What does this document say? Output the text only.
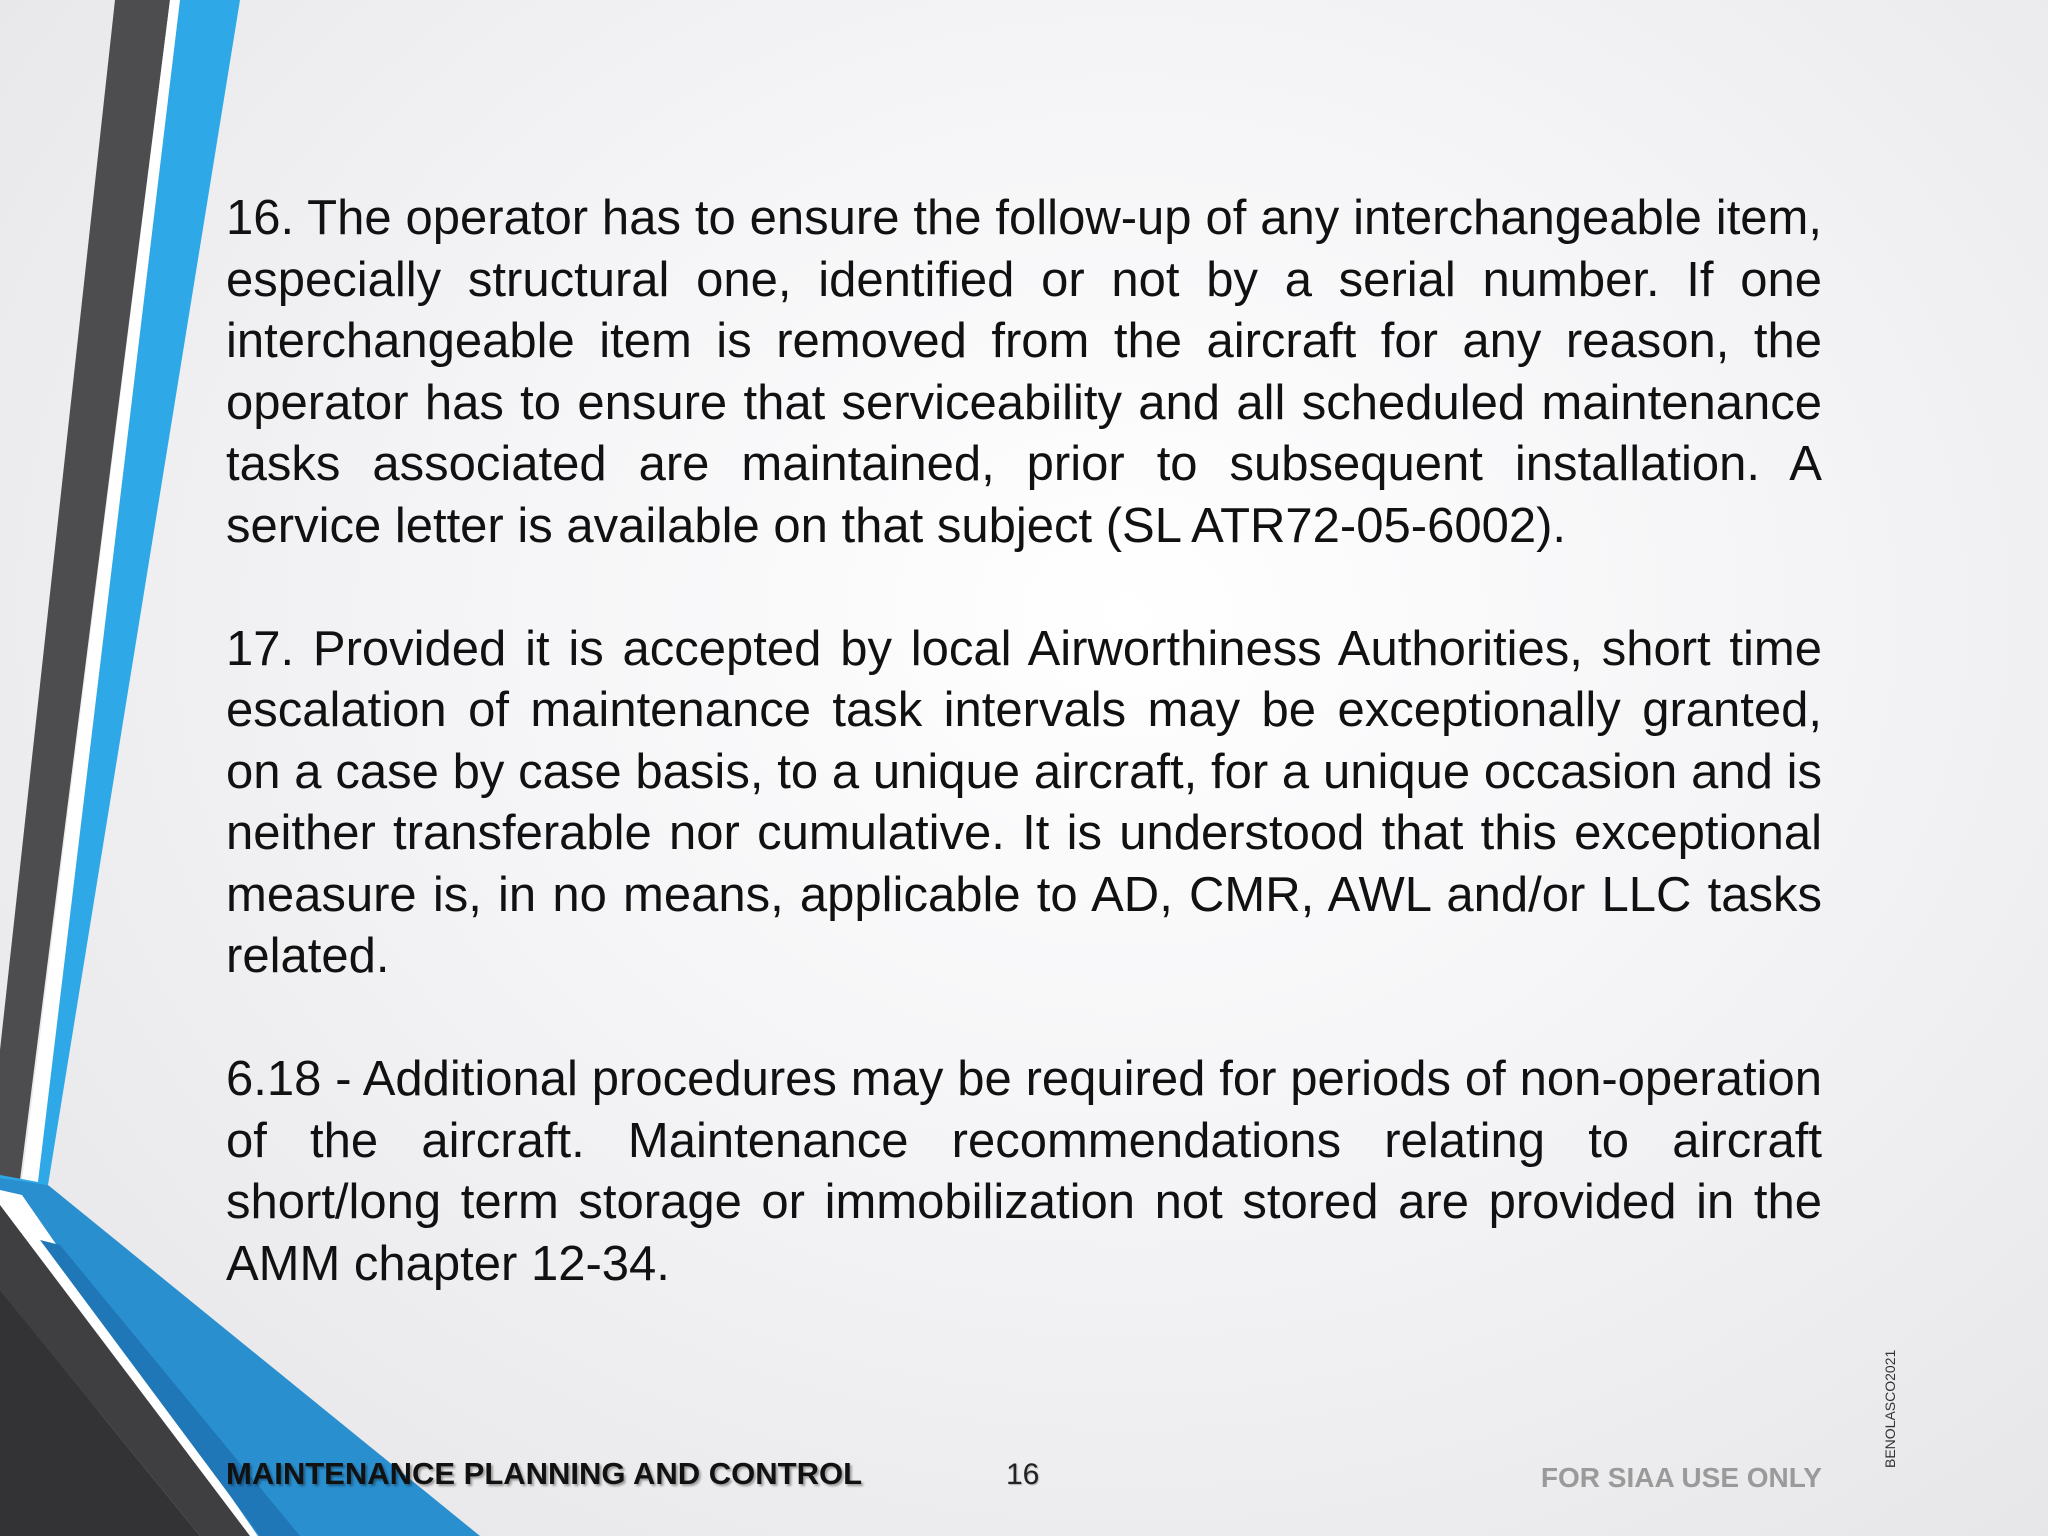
16. The operator has to ensure the follow-up of any interchangeable item, especially structural one, identified or not by a serial number. If one interchangeable item is removed from the aircraft for any reason, the operator has to ensure that serviceability and all scheduled maintenance tasks associated are maintained, prior to subsequent installation. A service letter is available on that subject (SL ATR72-05-6002).

17. Provided it is accepted by local Airworthiness Authorities, short time escalation of maintenance task intervals may be exceptionally granted, on a case by case basis, to a unique aircraft, for a unique occasion and is neither transferable nor cumulative. It is understood that this exceptional measure is, in no means, applicable to AD, CMR, AWL and/or LLC tasks related.

6.18 - Additional procedures may be required for periods of non-operation of the aircraft. Maintenance recommendations relating to aircraft short/long term storage or immobilization not stored are provided in the AMM chapter 12-34.

MAINTENANCE PLANNING AND CONTROL	16	FOR SIAA USE ONLY
BENOLASCO2021
